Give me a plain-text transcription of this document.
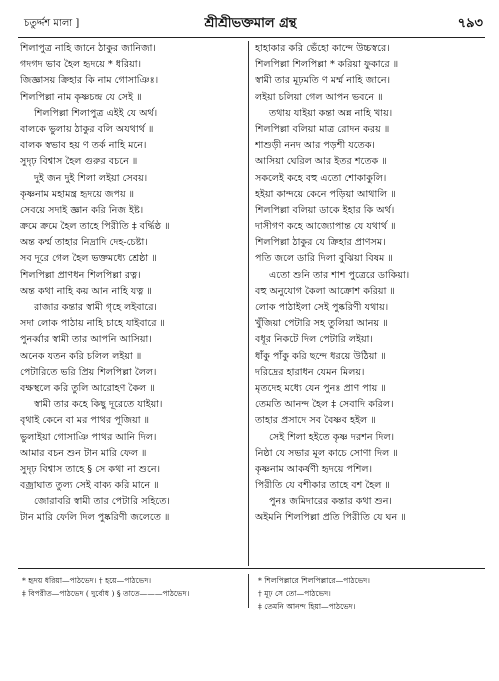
চতুর্দ্দশ মালা ]	শ্রীশ্রীভক্তমাল গ্রন্থ	৭৯৩
শিলাপুত্র নাহি জানে ঠাকুর জানিজা।
গদগদ ভাব হৈল হৃদয়ে * ধরিয়া।
জিজ্ঞাসয় ক্রিহার কি নাম গোসাঞিঃ।
শিলপিল্লা নাম কৃষ্ণচন্দ্র যে সেই ॥
শিলপিল্লা শিলাপুত্র এইই যে অর্থ।
বালকে ভুলায় ঠাকুর বলি অযথার্থ ॥
বালক স্বভাব হয় ণ তর্ক নাহি মনে।
সুদৃঢ় বিশ্বাস হৈল গুরুর বচনে ॥
দুই জন দুই শিলা লইয়া সেবয়।
কৃষ্ণনাম মহামন্ত্র হৃদয়ে জপয় ॥
সেবয়ে সদাই জ্ঞান করি নিজ ইষ্ট।
ক্রমে ক্রমে হৈল তাহে পিরীতি ‡ বর্দ্ধিষ্ঠ ॥
অন্ত কর্ম্ম তাহার নিদ্রাদি দেহ-চেষ্টা।
সব দূরে গেল হৈল ভক্তমধ্যে শ্রেষ্ঠা ॥
শিলপিল্লা প্রাণধন শিলপিল্লা রত্ন।
অন্ত কথা নাহি কয় আন নাহি যত্ন ॥
রাজার কন্তার স্বামী গৃহে লইবারে।
সদা লোক পাঠায় নাহি চাহে যাইবারে ॥
পুনর্ব্বার স্বামী তার আপনি আসিয়া।
অনেক যতন করি চলিল লইয়া ॥
পেটারিতে ভরি প্রিয় শিলপিল্লা লৈল।
বক্ষস্থলে করি তুলি আরোহণ কৈল ॥
স্বামী তার কহে কিছু দূরেতে যাইয়া।
বৃথাই কেনে বা মর পাথর পূজিয়া ॥
ভুলাইয়া গোসাঞি পাথর আনি দিল।
আমার বচন শুন টান মারি ফেল ॥
সুদৃঢ় বিশ্বাস তাহে § সে কথা না শুনে।
বজ্রাঘাত তুল্য সেই বাক্য করি মানে ॥
জোরাবরি স্বামী তার পেটারি সহিতে।
টান মারি ফেলি দিল পুষ্করিণী জলেতে ॥
হাহাকার করি ভেঁহো কান্দে উচ্চস্বরে।
শিলপিল্লা শিলপিল্লা * করিয়া ফুকারে ॥
স্বামী তার মূঢ়মতি ণ মর্ম্ম নাহি জানে।
লইয়া চলিয়া গেল আপন ভবনে ॥
তথায় যাইয়া কন্তা অন্ন নাহি খায়।
শিলপিল্লা বলিয়া মাত্র রোদন করয় ॥
শাশুড়ী ননদ আর পড়শী যতেক।
আসিয়া ঘেরিল আর ইতর শতেক ॥
সকলেই কহে বহু এতো শোকাকুলি।
হইয়া কান্দয়ে কেনে পড়িয়া আথালি ॥
শিলপিল্লা বলিয়া ডাকে ইহার কি অর্থ।
দাসীগণ কহে আজ্যোপান্ত যে যথার্থ ॥
শিলপিল্লা ঠাকুর যে ক্রিহার প্রাণসম।
পতি জলে ডারি দিলা বুঝিয়া বিষম ॥
এতো শুনি তার শাশ পুত্রেরে ডাকিয়া।
বহু অনুযোগ কৈলা আক্রোশ করিয়া ॥
লোক পাঠাইলা সেই পুষ্করিণী যথায়।
খুঁজিয়া পেটারি সহ তুলিয়া আনয় ॥
বধূর নিকটে দিল পেটারি লইয়া।
ধাঁকু পাঁকু করি ছন্দে ধরয়ে উঠিয়া ॥
দরিদ্রের হারাধন যেমন মিলয়।
মৃতদেহ মধ্যে যেন পুনঃ প্রাণ পায় ॥
তেমতি আনন্দ হৈল ‡ সেবাদি করিল।
তাহার প্রসাদে সব বৈষ্ণব হইল ॥
সেই শিলা হইতে কৃষ্ণ দরশন দিল।
নিষ্ঠা যে সভার মূল কাচে সোণা দিল ॥
কৃষ্ণনাম আকর্ষণী হৃদয়ে পশিল।
পিরীতি যে বশীকার তাহে বশ হৈল ॥
পুনঃ জমিদারের কন্তার কথা শুন।
অইমনি শিলপিল্লা প্রতি পিরীতি যে ঘন ॥
* হৃদয় ধরিয়া—পাঠভেদ। † হয়ে—পাঠভেদ।
‡ বিপরীত—পাঠভেদ ( দুর্বোধ ) § তাতে———পাঠভেদ।
* শিলপিল্লারে শিলপিল্লারে—পাঠভেদ।
† মূঢ় সে তো—পাঠভেদ।
‡ তেমনি আনন্দ হিয়া—পাঠভেদ।
